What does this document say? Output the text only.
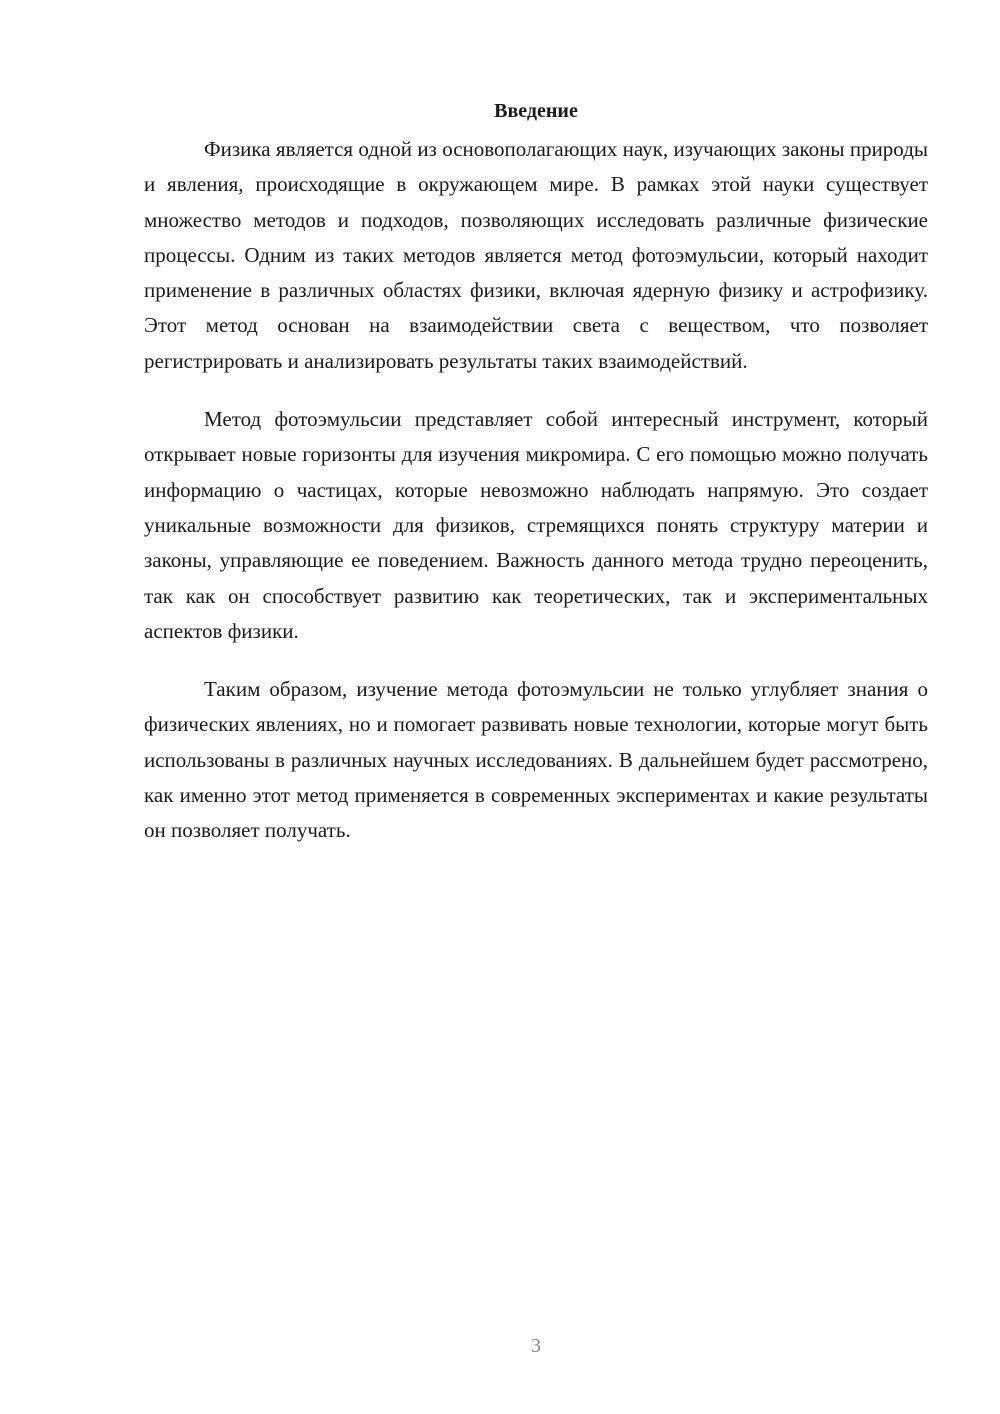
Введение

Физика является одной из основополагающих наук, изучающих законы природы и явления, происходящие в окружающем мире. В рамках этой науки существует множество методов и подходов, позволяющих исследовать различные физические процессы. Одним из таких методов является метод фотоэмульсии, который находит применение в различных областях физики, включая ядерную физику и астрофизику. Этот метод основан на взаимодействии света с веществом, что позволяет регистрировать и анализировать результаты таких взаимодействий.

Метод фотоэмульсии представляет собой интересный инструмент, который открывает новые горизонты для изучения микромира. С его помощью можно получать информацию о частицах, которые невозможно наблюдать напрямую. Это создает уникальные возможности для физиков, стремящихся понять структуру материи и законы, управляющие ее поведением. Важность данного метода трудно переоценить, так как он способствует развитию как теоретических, так и экспериментальных аспектов физики.

Таким образом, изучение метода фотоэмульсии не только углубляет знания о физических явлениях, но и помогает развивать новые технологии, которые могут быть использованы в различных научных исследованиях. В дальнейшем будет рассмотрено, как именно этот метод применяется в современных экспериментах и какие результаты он позволяет получать.

3
